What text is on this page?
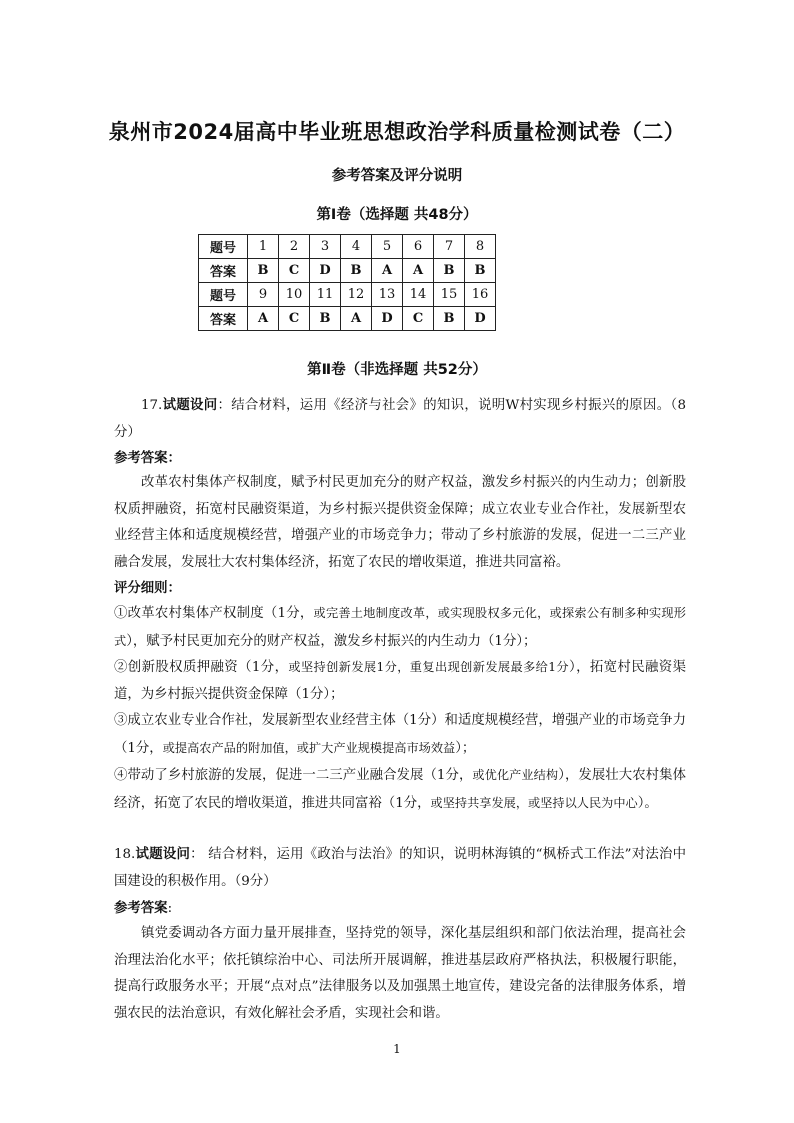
泉州市2024届高中毕业班思想政治学科质量检测试卷（二）
参考答案及评分说明
第Ⅰ卷（选择题 共48分）
题号	1	2	3	4	5	6	7	8
答案	B	C	D	B	A	A	B	B
题号	9	10	11	12	13	14	15	16
答案	A	C	B	A	D	C	B	D
第Ⅱ卷（非选择题 共52分）
17.试题设问：结合材料，运用《经济与社会》的知识，说明W村实现乡村振兴的原因。（8分）
参考答案：
改革农村集体产权制度，赋予村民更加充分的财产权益，激发乡村振兴的内生动力；创新股权质押融资，拓宽村民融资渠道，为乡村振兴提供资金保障；成立农业专业合作社，发展新型农业经营主体和适度规模经营，增强产业的市场竞争力；带动了乡村旅游的发展，促进一二三产业融合发展，发展壮大农村集体经济，拓宽了农民的增收渠道，推进共同富裕。
评分细则：
①改革农村集体产权制度（1分，或完善土地制度改革，或实现股权多元化，或探索公有制多种实现形式），赋予村民更加充分的财产权益，激发乡村振兴的内生动力（1分）；
②创新股权质押融资（1分，或坚持创新发展1分，重复出现创新发展最多给1分），拓宽村民融资渠道，为乡村振兴提供资金保障（1分）；
③成立农业专业合作社，发展新型农业经营主体（1分）和适度规模经营，增强产业的市场竞争力（1分，或提高农产品的附加值，或扩大产业规模提高市场效益）；
④带动了乡村旅游的发展，促进一二三产业融合发展（1分，或优化产业结构），发展壮大农村集体经济，拓宽了农民的增收渠道，推进共同富裕（1分，或坚持共享发展，或坚持以人民为中心）。
18.试题设问： 结合材料，运用《政治与法治》的知识，说明林海镇的“枫桥式工作法”对法治中国建设的积极作用。（9分）
参考答案:
镇党委调动各方面力量开展排查，坚持党的领导，深化基层组织和部门依法治理，提高社会治理法治化水平；依托镇综治中心、司法所开展调解，推进基层政府严格执法，积极履行职能，提高行政服务水平；开展“点对点”法律服务以及加强黑土地宣传，建设完备的法律服务体系，增强农民的法治意识，有效化解社会矛盾，实现社会和谐。
1
